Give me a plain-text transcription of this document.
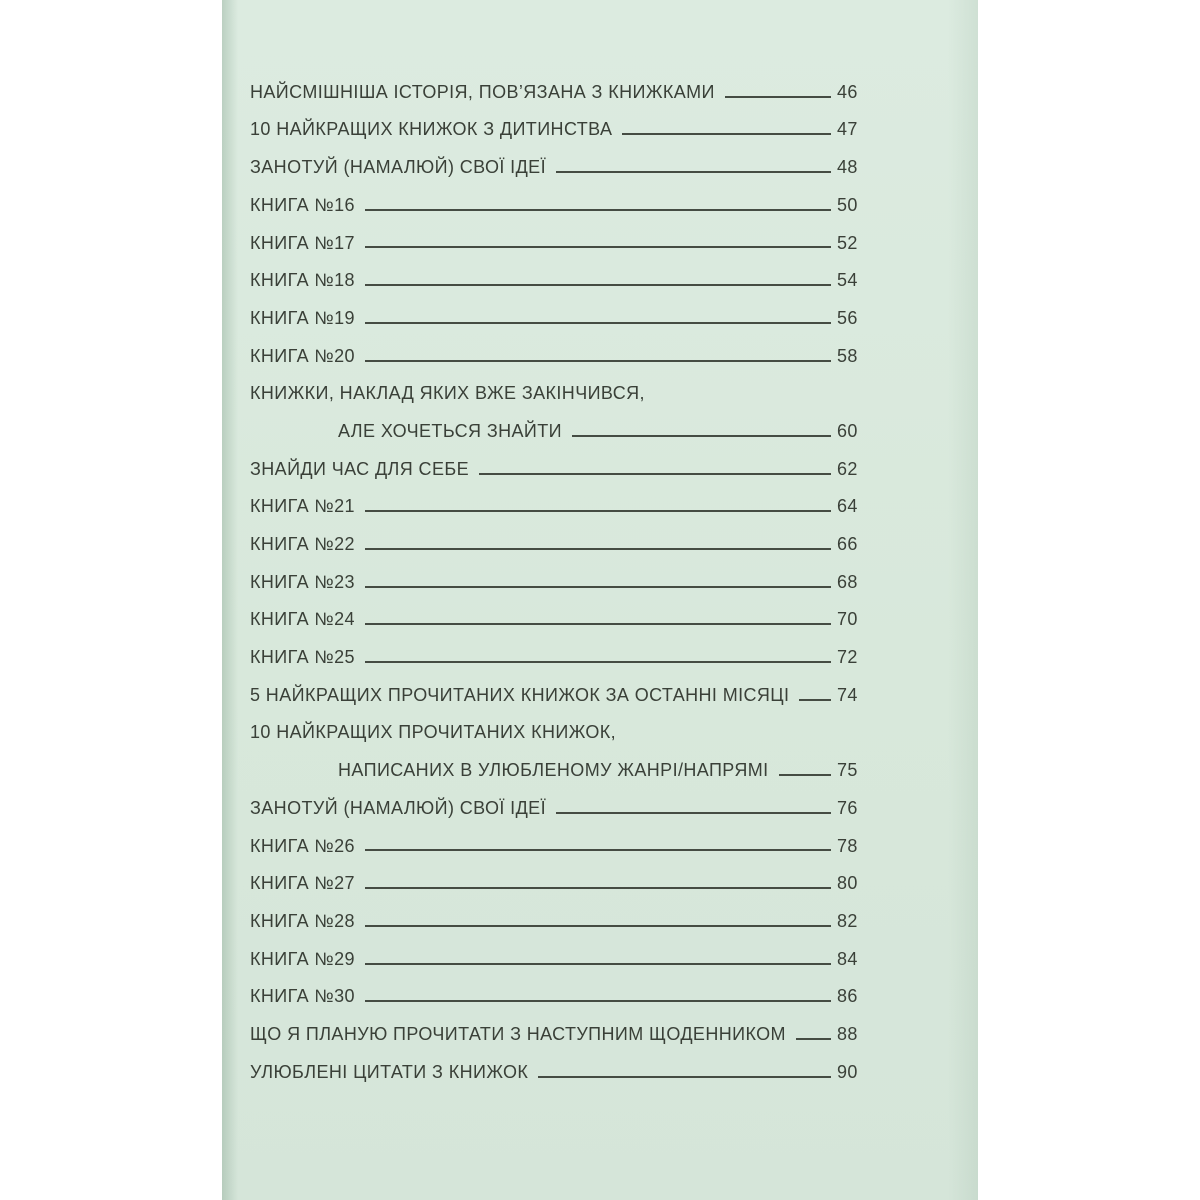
НАЙСМІШНІША ІСТОРІЯ, ПОВ’ЯЗАНА З КНИЖКАМИ	46
10 НАЙКРАЩИХ КНИЖОК З ДИТИНСТВА	47
ЗАНОТУЙ (НАМАЛЮЙ) СВОЇ ІДЕЇ	48
КНИГА №16	50
КНИГА №17	52
КНИГА №18	54
КНИГА №19	56
КНИГА №20	58
КНИЖКИ, НАКЛАД ЯКИХ ВЖЕ ЗАКІНЧИВСЯ,
АЛЕ ХОЧЕТЬСЯ ЗНАЙТИ	60
ЗНАЙДИ ЧАС ДЛЯ СЕБЕ	62
КНИГА №21	64
КНИГА №22	66
КНИГА №23	68
КНИГА №24	70
КНИГА №25	72
5 НАЙКРАЩИХ ПРОЧИТАНИХ КНИЖОК ЗА ОСТАННІ МІСЯЦІ	74
10 НАЙКРАЩИХ ПРОЧИТАНИХ КНИЖОК,
НАПИСАНИХ В УЛЮБЛЕНОМУ ЖАНРІ/НАПРЯМІ	75
ЗАНОТУЙ (НАМАЛЮЙ) СВОЇ ІДЕЇ	76
КНИГА №26	78
КНИГА №27	80
КНИГА №28	82
КНИГА №29	84
КНИГА №30	86
ЩО Я ПЛАНУЮ ПРОЧИТАТИ З НАСТУПНИМ ЩОДЕННИКОМ	88
УЛЮБЛЕНІ ЦИТАТИ З КНИЖОК	90
